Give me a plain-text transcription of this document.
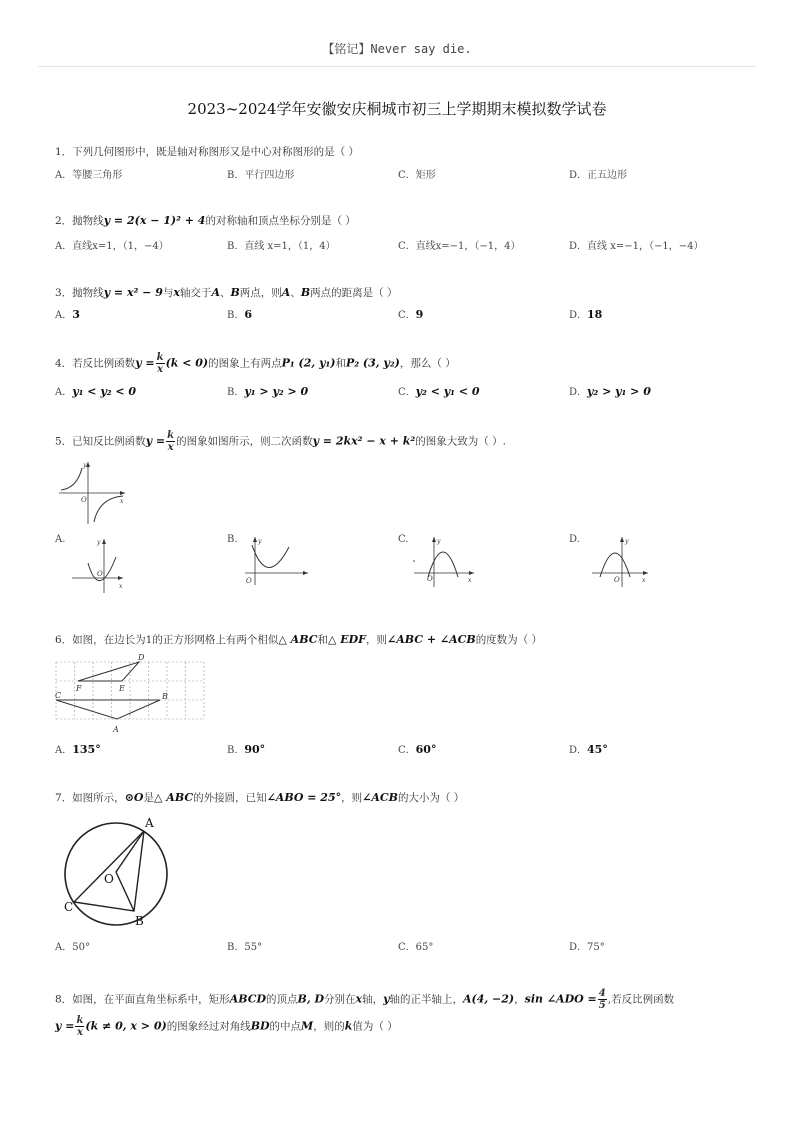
【铭记】Never say die.
2023~2024学年安徽安庆桐城市初三上学期期末模拟数学试卷
1．下列几何图形中，既是轴对称图形又是中心对称图形的是（ ）
A．等腰三角形	B．平行四边形	C．矩形	D．正五边形
2．抛物线y = 2(x − 1)² + 4的对称轴和顶点坐标分别是（ ）
A．直线x=1，（1，−4）	B．直线 x=1，（1，4）	C．直线x=−1，（−1，4）	D．直线 x=−1，（−1，−4）
3．抛物线y = x² − 9与x轴交于A、B两点，则A、B两点的距离是（ ）
A．3	B．6	C．9	D．18
4．若反比例函数$y = \frac{k}{x} (k < 0)$的图象上有两点P₁ (2, y₁)和P₂ (3, y₂)，那么（ ）
A．y₁ < y₂ < 0	B．y₁ > y₂ > 0	C．y₂ < y₁ < 0	D．y₂ > y₁ > 0
5．已知反比例函数$y = \frac{k}{x}$ 的图象如图所示，则二次函数y = 2kx² − x + k²的图象大致为（ ）.
y
x
O
A.	B.	C.	D.
y
x
O
y
O
y
x
O
y
x
O
6．如图，在边长为1的正方形网格上有两个相似△ ABC和△ EDF，则∠ABC + ∠ACB的度数为（ ）
D
F	E
C	B
A
A．135°	B．90°	C．60°	D．45°
7．如图所示，⊙O是△ ABC的外接圆，已知∠ABO = 25°，则∠ACB的大小为（ ）
A
O
C
B
A．50°	B．55°	C．65°	D．75°
8．如图，在平面直角坐标系中，矩形ABCD的顶点B, D分别在x轴，y轴的正半轴上，A(4, −2)，sin ∠ADO = $\frac{4}{5}$ ,若反比例函数
$y = \frac{k}{x} (k \ne 0$, x > 0)的图象经过对角线BD的中点M，则的k值为（ ）
